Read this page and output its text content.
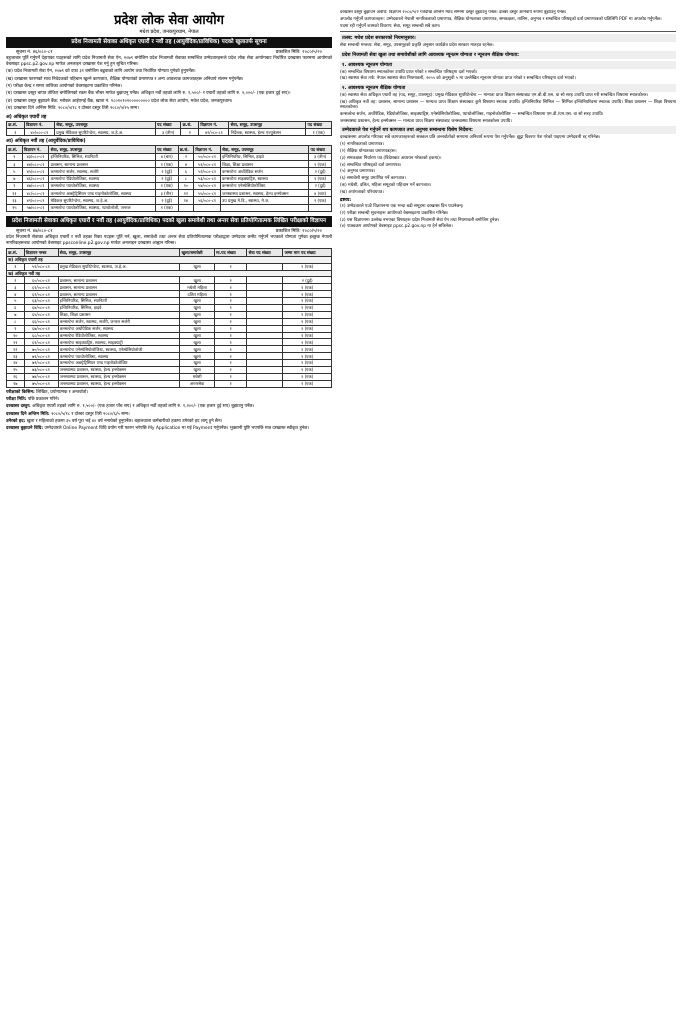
प्रदेश लोक सेवा आयोग
मधेश प्रदेश, जनकपुरधाम, नेपाल
प्रदेश निजामती सेवाका अधिकृत एघारौं र नवौं तह (आयुर्वेदिक/प्राविधिक) पदको खुलातर्फ सूचना
सूचना नं. ४६/०८०-८१	प्रकाशित मिति: २०८०/५/२०

बहुजाबार पूर्ति गर्नुपर्ने देहायका पदहरूको लागि प्रदेश निजामती सेवा ऐन, २०७९ बमोजिम प्रदेश निजामती सेवाका सम्बन्धित उम्मेदवारहरूले प्रदेश लोक सेवा आयोगबाट निर्धारित दरखास्त फारममा आयोगको वेबसाइट ppsc.p2.gov.np मार्फत अनलाइन दरखास्त पेश गर्नु हुन सूचित गरिन्छ।

(क) प्रदेश निजामती सेवा ऐन, २०७९ को दफा ३१ बमोजिम बढुवाको लागि आयोग तथा निर्धारित योग्यता पुगेको हुनुपर्नेछ।

(ख) दरखास्त फारमको साथ निवेदकको पहिचान खुल्ने कागजात, शैक्षिक योग्यताको प्रमाणपत्र र अन्य आवश्यक कागजातहरू अनिवार्य संलग्न गर्नुपर्नेछ।

(ग) परीक्षा केन्द्र र समय तालिका आयोगको वेबसाइटमा प्रकाशित गरिनेछ।

(घ) दरखास्त दस्तुर बापत तोकिए बमोजिमको रकम बैंक भौचर मार्फत बुझाउनु पर्नेछ। अधिकृत नवौं तहको लागि रु. १,५००/- र एघारौं तहको लागि रु. २,०००/- (एक हजार दुई सय)।

(ङ) दरखास्त दस्तुर बुझाउने बैंक: ग्लोबल आईएमई बैंक, खाता नं. १८०१०१०१००००००००० प्रदेश लोक सेवा आयोग, मधेश प्रदेश, जनकपुरधाम।

(च) दरखास्त दिने अन्तिम मिति: २०८०/५/१८ र दोब्बर दस्तुर तिरी २०८०/५/२५ सम्म।

अ) अधिकृत एघारौं तह
क्र.सं.	विज्ञापन नं.	सेवा, समूह, उपसमूह	पद संख्या	क्र.सं.	विज्ञापन नं.	सेवा, समूह, उपसमूह	पद संख्या
१	४०/०८०-८१	प्रमुख मेडिकल सुपरिटेन्डेन्ट, स्वास्थ्य, ज.हे.अ.	३ (तीन)	२	४२/०८०-८१	निर्देशक, स्वास्थ्य, हेल्थ एज्युकेसन	१ (एक)
आ) अधिकृत नवौं तह (आयुर्वेदिक/प्राविधिक)
क्र.सं.	विज्ञापन नं.	सेवा, समूह, उपसमूह	पद संख्या	क्र.सं.	विज्ञापन नं.	सेवा, समूह, उपसमूह	पद संख्या
१	४३/०८०-८१	इन्जिनियरिङ, सिभिल, स्यानिटरी	४ (चार)	२	५०/०८०-८१	इन्जिनियरिङ, सिभिल, हाइवे	३ (तीन)
३	४४/०८०-८१	प्रशासन, सामान्य प्रशासन	१ (एक)	४	५१/०८०-८१	शिक्षा, शिक्षा प्रशासन	१ (एक)
५	४५/०८०-८१	कन्सल्टेन्ट सर्जन, स्वास्थ्य, सर्जरी	२ (दुई)	६	५२/०८०-८१	कन्सल्टेन्ट अर्थोपेडिक सर्जन	२ (दुई)
७	४६/०८०-८१	कन्सल्टेन्ट रेडियोलोजिस्ट, स्वास्थ्य	२ (दुई)	८	५३/०८०-८१	कन्सल्टेन्ट साइक्याट्रिष्ट, स्वास्थ्य	१ (एक)
९	४७/०८०-८१	कन्सल्टेन्ट प्याथोलोजिस्ट, स्वास्थ्य	१ (एक)	१०	५४/०८०-८१	कन्सल्टेन्ट एनेस्थेसियोलोजिस्ट	२ (दुई)
११	४८/०८०-८१	कन्सल्टेन्ट अब्स्ट्रेट्रिसियन एण्ड गाइनोकोलोजिष्ट, स्वास्थ्य	३ (तीन)	१२	५५/०८०-८१	जनस्वास्थ्य प्रशासन, स्वास्थ्य, हेल्थ इन्स्पेक्सन	४ (चार)
१३	४९/०८०-८१	मेडिकल सुपरिटेन्डेन्ट, स्वास्थ्य, ज.हे.अ.	२ (दुई)	१४	५६/०८०-८१	उप प्रमुख मे.डि., स्वास्थ्य, मे.ज.	१ (एक)
१५	५७/०८०-८१	कन्सल्टेन्ट प्याथोलोजिस्ट, स्वास्थ्य, प्याथोलोजी, जनरल	१ (एक)				
प्रदेश निजामती सेवाका अधिकृत एघारौं र नवौं तह (आयुर्वेदिक/प्राविधिक) पदको खुला समावेशी तथा अन्तर सेवा प्रतियोगितात्मक लिखित परीक्षाको विज्ञापन
सूचना नं. ४७/०८०-८१	प्रकाशित मिति: २०८०/५/२०

प्रदेश निजामती सेवाका अधिकृत एघारौं र नवौं तहका रिक्त पदहरू पूर्ति गर्न, खुला, समावेशी तथा अन्तर सेवा प्रतियोगितात्मक परीक्षाद्वारा उम्मेदवार छनौट गर्नुपर्ने भएकाले योग्यता पुगेका इच्छुक नेपाली नागरिकहरूबाट आयोगको वेबसाइट ppsconline.p2.gov.np मार्फत अनलाइन दरखास्त आह्वान गरिन्छ।

क्र.सं.	विज्ञापन नम्बर	सेवा, समूह, उपसमूह	खुला/समावेशी	मा.पद संख्या	सेवा पद संख्या	जम्मा माग पद संख्या
क) अधिकृत एघारौं तह						
१	५९/०८०-८१	प्रमुख मेडिकल सुपरिटेन्डेन्ट, स्वास्थ्य, ज.हे.अ.	खुला	१		१ (एक)
ख) अधिकृत नवौं तह						
२	६०/०८०-८१	प्रशासन, सामान्य प्रशासन	खुला	२		२ (दुई)
३	६१/०८०-८१	प्रशासन, सामान्य प्रशासन	मधेशी महिला	१		१ (एक)
४	६२/०८०-८१	प्रशासन, सामान्य प्रशासन	दलित महिला	१		१ (एक)
५	६३/०८०-८१	इन्जिनियरिङ, सिभिल, स्यानिटरी	खुला	१		१ (एक)
६	६४/०८०-८१	इन्जिनियरिङ, सिभिल, हाइवे	खुला	१		१ (एक)
७	६५/०८०-८१	शिक्षा, शिक्षा प्रशासन	खुला	१		१ (एक)
८	६६/०८०-८१	कन्सल्टेन्ट सर्जन, स्वास्थ्य, सर्जरी, जनरल सर्जरी	खुला	१		१ (एक)
९	६७/०८०-८१	कन्सल्टेन्ट अर्थोपेडिक सर्जन, स्वास्थ्य	खुला	१		१ (एक)
१०	६८/०८०-८१	कन्सल्टेन्ट रेडियोलोजिस्ट, स्वास्थ्य	खुला	१		१ (एक)
११	६९/०८०-८१	कन्सल्टेन्ट साइक्याट्रिष्ट, स्वास्थ्य, साइक्याट्री	खुला	१		१ (एक)
१२	७०/०८०-८१	कन्सल्टेन्ट एनेस्थेसियोलोजिस्ट, स्वास्थ्य, एनेस्थेसियोलोजी	खुला	१		१ (एक)
१३	७१/०८०-८१	कन्सल्टेन्ट प्याथोलोजिस्ट, स्वास्थ्य	खुला	१		१ (एक)
१४	७२/०८०-८१	कन्सल्टेन्ट अब्स्ट्रेट्रिसियन एण्ड गाइनोकोलोजिष्ट	खुला	१		१ (एक)
१५	७३/०८०-८१	जनस्वास्थ्य प्रशासन, स्वास्थ्य, हेल्थ इन्स्पेक्सन	खुला	१		१ (एक)
१६	७४/०८०-८१	जनस्वास्थ्य प्रशासन, स्वास्थ्य, हेल्थ इन्स्पेक्सन	मधेशी	१		१ (एक)
१७	७५/०८०-८१	जनस्वास्थ्य प्रशासन, स्वास्थ्य, हेल्थ इन्स्पेक्सन	अन्तरसेवा	१		१ (एक)

परीक्षाको किसिम: लिखित, प्रयोगात्मक र अन्तर्वार्ता।

परीक्षा मिति: पछि प्रकाशन गरिने।

दरखास्त दस्तुर: अधिकृत एघारौं तहको लागि रु. १,५००/- (एक हजार पाँच सय) र अधिकृत नवौं तहको लागि रु. १,२००/- (एक हजार दुई सय) बुझाउनु पर्नेछ।

दरखास्त दिने अन्तिम मिति: २०८०/५/१८ र दोब्बर दस्तुर तिरी २०८०/६/५ सम्म।

उमेरको हद: खुला र महिलाको हकमा ३५ वर्ष पूरा भई ४० वर्ष ननाघेको हुनुपर्नेछ। बहालवाला कर्मचारीको हकमा उमेरको हद लागू हुने छैन।

दरखास्त बुझाउने विधि: उम्मेदवारले Online Payment विधि प्रयोग गरी फारम भरेपछि My Application मा गई Payment गर्नुपर्नेछ। भुक्तानी पुष्टि भएपछि मात्र दरखास्त स्वीकृत हुनेछ।

दरखास्त दस्तुर बुझाउने अवधि: विज्ञापन २०८०/५/२ गतेदेखि अन्तिम म्याद सम्ममा दस्तुर बुझाउनु पर्नेछ। दोब्बर दस्तुर अनिवार्य रूपमा बुझाउनु पर्नेछ।

अपलोड गर्नुपर्ने कागजातहरू: उम्मेदवारले नेपाली नागरिकताको प्रमाणपत्र, शैक्षिक योग्यताका प्रमाणपत्र, समकक्षता, तालिम, अनुभव र सम्बन्धित परिषद्‌को दर्ता प्रमाणपत्रको प्रतिलिपि PDF मा अपलोड गर्नुपर्नेछ।

पदमा रही गर्नुपर्ने कामको विवरण: सेवा, समूह सम्बन्धी सबै काम।

तलब: मधेश प्रदेश सरकारको नियमानुसार।

सेवा सम्बन्धी मन्तव्य: सेवा, समूह, उपसमूहको प्रकृति अनुसार कार्यक्षेत्र प्रदेश सरकार मातहत रहनेछ।

प्रदेश निजामती सेवा खुला तथा समावेशीको लागि आवश्यक न्यूनतम योग्यता र न्यूनतम शैक्षिक योग्यता:
१. आवश्यक न्यूनतम योग्यता

(क) सम्बन्धित विषयमा स्नातकोत्तर उपाधि प्राप्त गरेको र सम्बन्धित परिषद्‌मा दर्ता भएको।

(ख) स्वास्थ्य सेवा तर्फ: नेपाल स्वास्थ्य सेवा नियमावली, २०५५ को अनुसूची ५ मा उल्लेखित न्यूनतम योग्यता प्राप्त गरेको र सम्बन्धित परिषद्‌मा दर्ता भएको।

२. आवश्यक न्यूनतम शैक्षिक योग्यता

(क) स्वास्थ्य सेवा अधिकृत एघारौं तह (पद, समूह, उपसमूह): प्रमुख मेडिकल सुपरिटेन्डेन्ट — मान्यता प्राप्त शिक्षण संस्थाबाट एम.बी.बी.एस. वा सो सरह उपाधि प्राप्त गरी सम्बन्धित विषयमा स्नातकोत्तर।

(ख) अधिकृत नवौं तह: प्रशासन, सामान्य प्रशासन — मान्यता प्राप्त शिक्षण संस्थाबाट कुनै विषयमा स्नातक उपाधि। इन्जिनियरिङ सिभिल — सिभिल इन्जिनियरिङमा स्नातक उपाधि। शिक्षा प्रशासन — शिक्षा विषयमा स्नातकोत्तर।

कन्सल्टेन्ट सर्जन, अर्थोपेडिक, रेडियोलोजिस्ट, साइक्याट्रिष्ट, एनेस्थेसियोलोजिस्ट, प्याथोलोजिस्ट, गाइनोकोलोजिष्ट — सम्बन्धित विषयमा एम.डी./एम.एस. वा सो सरह उपाधि।

जनस्वास्थ्य प्रशासन, हेल्थ इन्स्पेक्सन — मान्यता प्राप्त शिक्षण संस्थाबाट जनस्वास्थ्य विषयमा स्नातकोत्तर उपाधि।

उम्मेदवारले पेश गर्नुपर्ने थप कागजात तथा अनुभव सम्बन्धमा विशेष निर्देशन:

दरखास्तमा अपलोड गरिएका सबै कागजातहरूको सक्कल प्रति अन्तर्वार्ताको समयमा अनिवार्य रूपमा पेश गर्नुपर्नेछ। झुट्टा विवरण पेश गरेको पाइएमा उम्मेदवारी रद्द गरिनेछ।

(१) नागरिकताको प्रमाणपत्र।

(२) शैक्षिक योग्यताका प्रमाणपत्रहरू।

(३) समकक्षता निर्धारण पत्र (विदेशबाट अध्ययन गरेकाको हकमा)।

(४) सम्बन्धित परिषद्‌को दर्ता प्रमाणपत्र।

(५) अनुभव प्रमाणपत्र।

(६) समावेशी समूह प्रमाणित गर्ने कागजात।

(क) मधेशी, दलित, महिला समूहको पहिचान गर्ने कागजात।

(ख) अपांगताको परिचयपत्र।

द्रष्टव्य:

(१) उम्मेदवारले एउटै विज्ञापनमा एक भन्दा बढी समूहमा दरखास्त दिन पाउनेछन्।

(२) परीक्षा सम्बन्धी सूचनाहरू आयोगको वेबसाइटमा प्रकाशित गरिनेछ।

(३) यस विज्ञापनमा उल्लेख नभएका विषयहरू प्रदेश निजामती सेवा ऐन तथा नियमावली बमोजिम हुनेछ।

(४) पाठ्यक्रम आयोगको वेबसाइट ppsc.p2.gov.np मा हेर्न सकिनेछ।
